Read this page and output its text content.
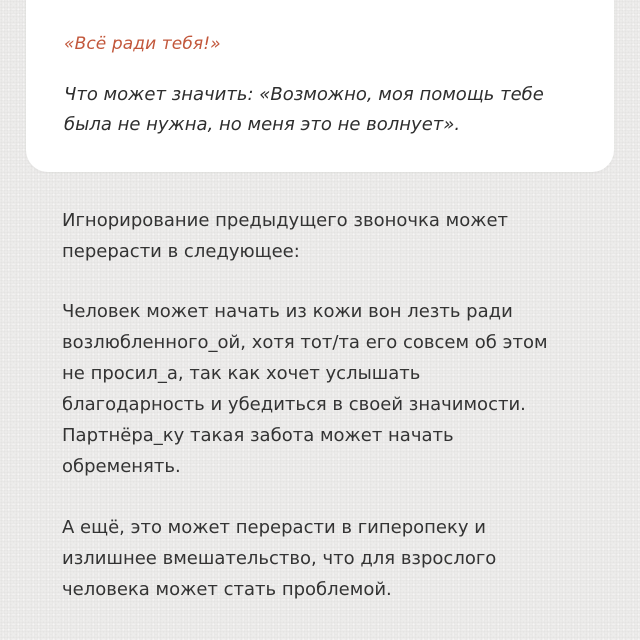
«Всё ради тебя!»
Что может значить: «Возможно, моя помощь тебе
была не нужна, но меня это не волнует».
Игнорирование предыдущего звоночка может
перерасти в следующее:
Человек может начать из кожи вон лезть ради
возлюбленного_ой, хотя тот/та его совсем об этом
не просил_а, так как хочет услышать
благодарность и убедиться в своей значимости.
Партнёра_ку такая забота может начать
обременять.
А ещё, это может перерасти в гиперопеку и
излишнее вмешательство, что для взрослого
человека может стать проблемой.
